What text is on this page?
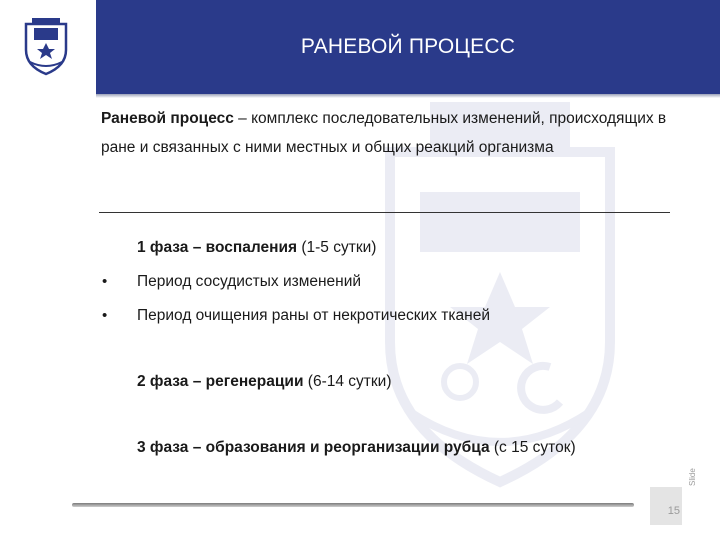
РАНЕВОЙ ПРОЦЕСС
Раневой процесс – комплекс последовательных изменений, происходящих в ране и связанных с ними местных и общих реакций организма
1 фаза – воспаления (1-5 сутки)
• Период сосудистых изменений
• Период очищения раны от некротических тканей
2 фаза – регенерации (6-14 сутки)
3 фаза – образования и реорганизации рубца (с 15 суток)
15
Slide
